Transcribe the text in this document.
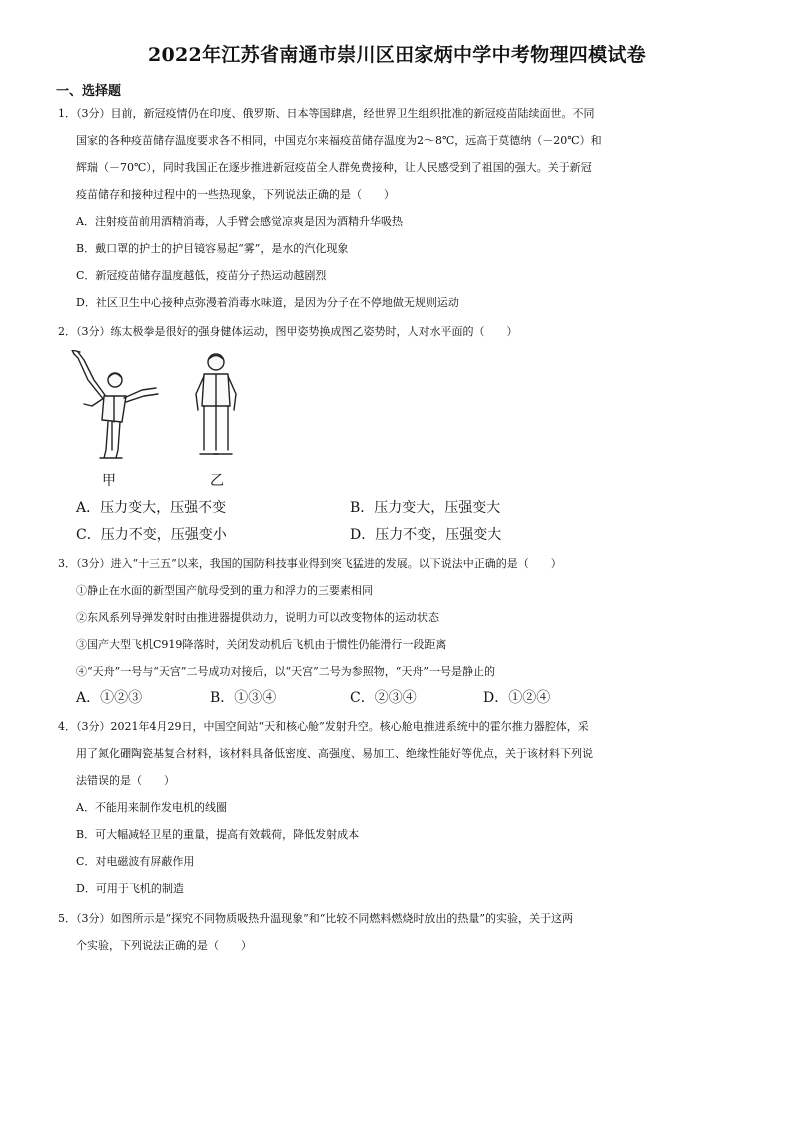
2022年江苏省南通市崇川区田家炳中学中考物理四模试卷
一、选择题
1．（3分）目前，新冠疫情仍在印度、俄罗斯、日本等国肆虐，经世界卫生组织批准的新冠疫苗陆续面世。不同
国家的各种疫苗储存温度要求各不相同，中国克尔来福疫苗储存温度为2～8℃，远高于莫德纳（－20℃）和
辉瑞（－70℃），同时我国正在逐步推进新冠疫苗全人群免费接种，让人民感受到了祖国的强大。关于新冠
疫苗储存和接种过程中的一些热现象，下列说法正确的是（　　）
A．注射疫苗前用酒精消毒，人手臂会感觉凉爽是因为酒精升华吸热
B．戴口罩的护士的护目镜容易起“雾”，是水的汽化现象
C．新冠疫苗储存温度越低，疫苗分子热运动越剧烈
D．社区卫生中心接种点弥漫着消毒水味道，是因为分子在不停地做无规则运动
2．（3分）练太极拳是很好的强身健体运动，图甲姿势换成图乙姿势时，人对水平面的（　　）
甲	乙
A．压力变大，压强不变	B．压力变大，压强变大
C．压力不变，压强变小	D．压力不变，压强变大
3．（3分）进入“十三五”以来，我国的国防科技事业得到突飞猛进的发展。以下说法中正确的是（　　）
①静止在水面的新型国产航母受到的重力和浮力的三要素相同
②东风系列导弹发射时由推进器提供动力，说明力可以改变物体的运动状态
③国产大型飞机C919降落时，关闭发动机后飞机由于惯性仍能滑行一段距离
④“天舟”一号与“天宫”二号成功对接后，以“天宫”二号为参照物，“天舟”一号是静止的
A．①②③	B．①③④	C．②③④	D．①②④
4．（3分）2021年4月29日，中国空间站“天和核心舱”发射升空。核心舱电推进系统中的霍尔推力器腔体，采
用了氮化硼陶瓷基复合材料，该材料具备低密度、高强度、易加工、绝缘性能好等优点，关于该材料下列说
法错误的是（　　）
A．不能用来制作发电机的线圈
B．可大幅减轻卫星的重量，提高有效载荷，降低发射成本
C．对电磁波有屏蔽作用
D．可用于飞机的制造
5．（3分）如图所示是“探究不同物质吸热升温现象”和“比较不同燃料燃烧时放出的热量”的实验，关于这两
个实验，下列说法正确的是（　　）
